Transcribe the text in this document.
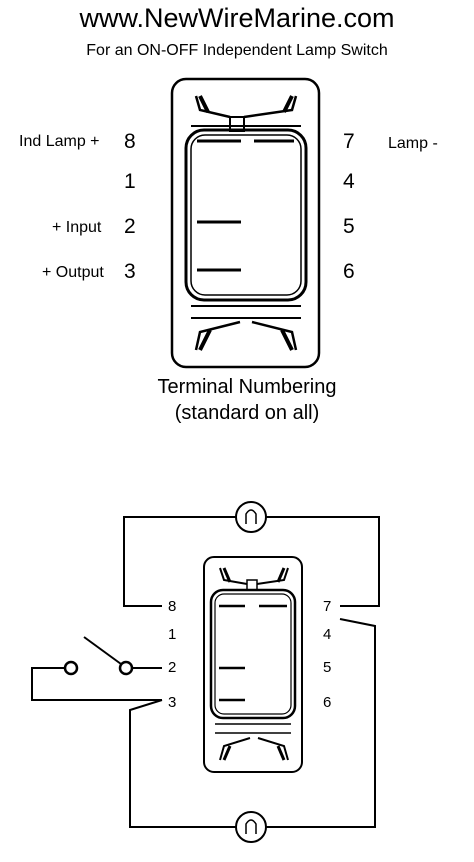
www.NewWireMarine.com
For an ON-OFF Independent Lamp Switch
Ind Lamp +	Lamp -
+ Input
+ Output
8
1
2
3
7
4
5
6
Terminal Numbering
(standard on all)
8
1
2
3
7
4
5
6
